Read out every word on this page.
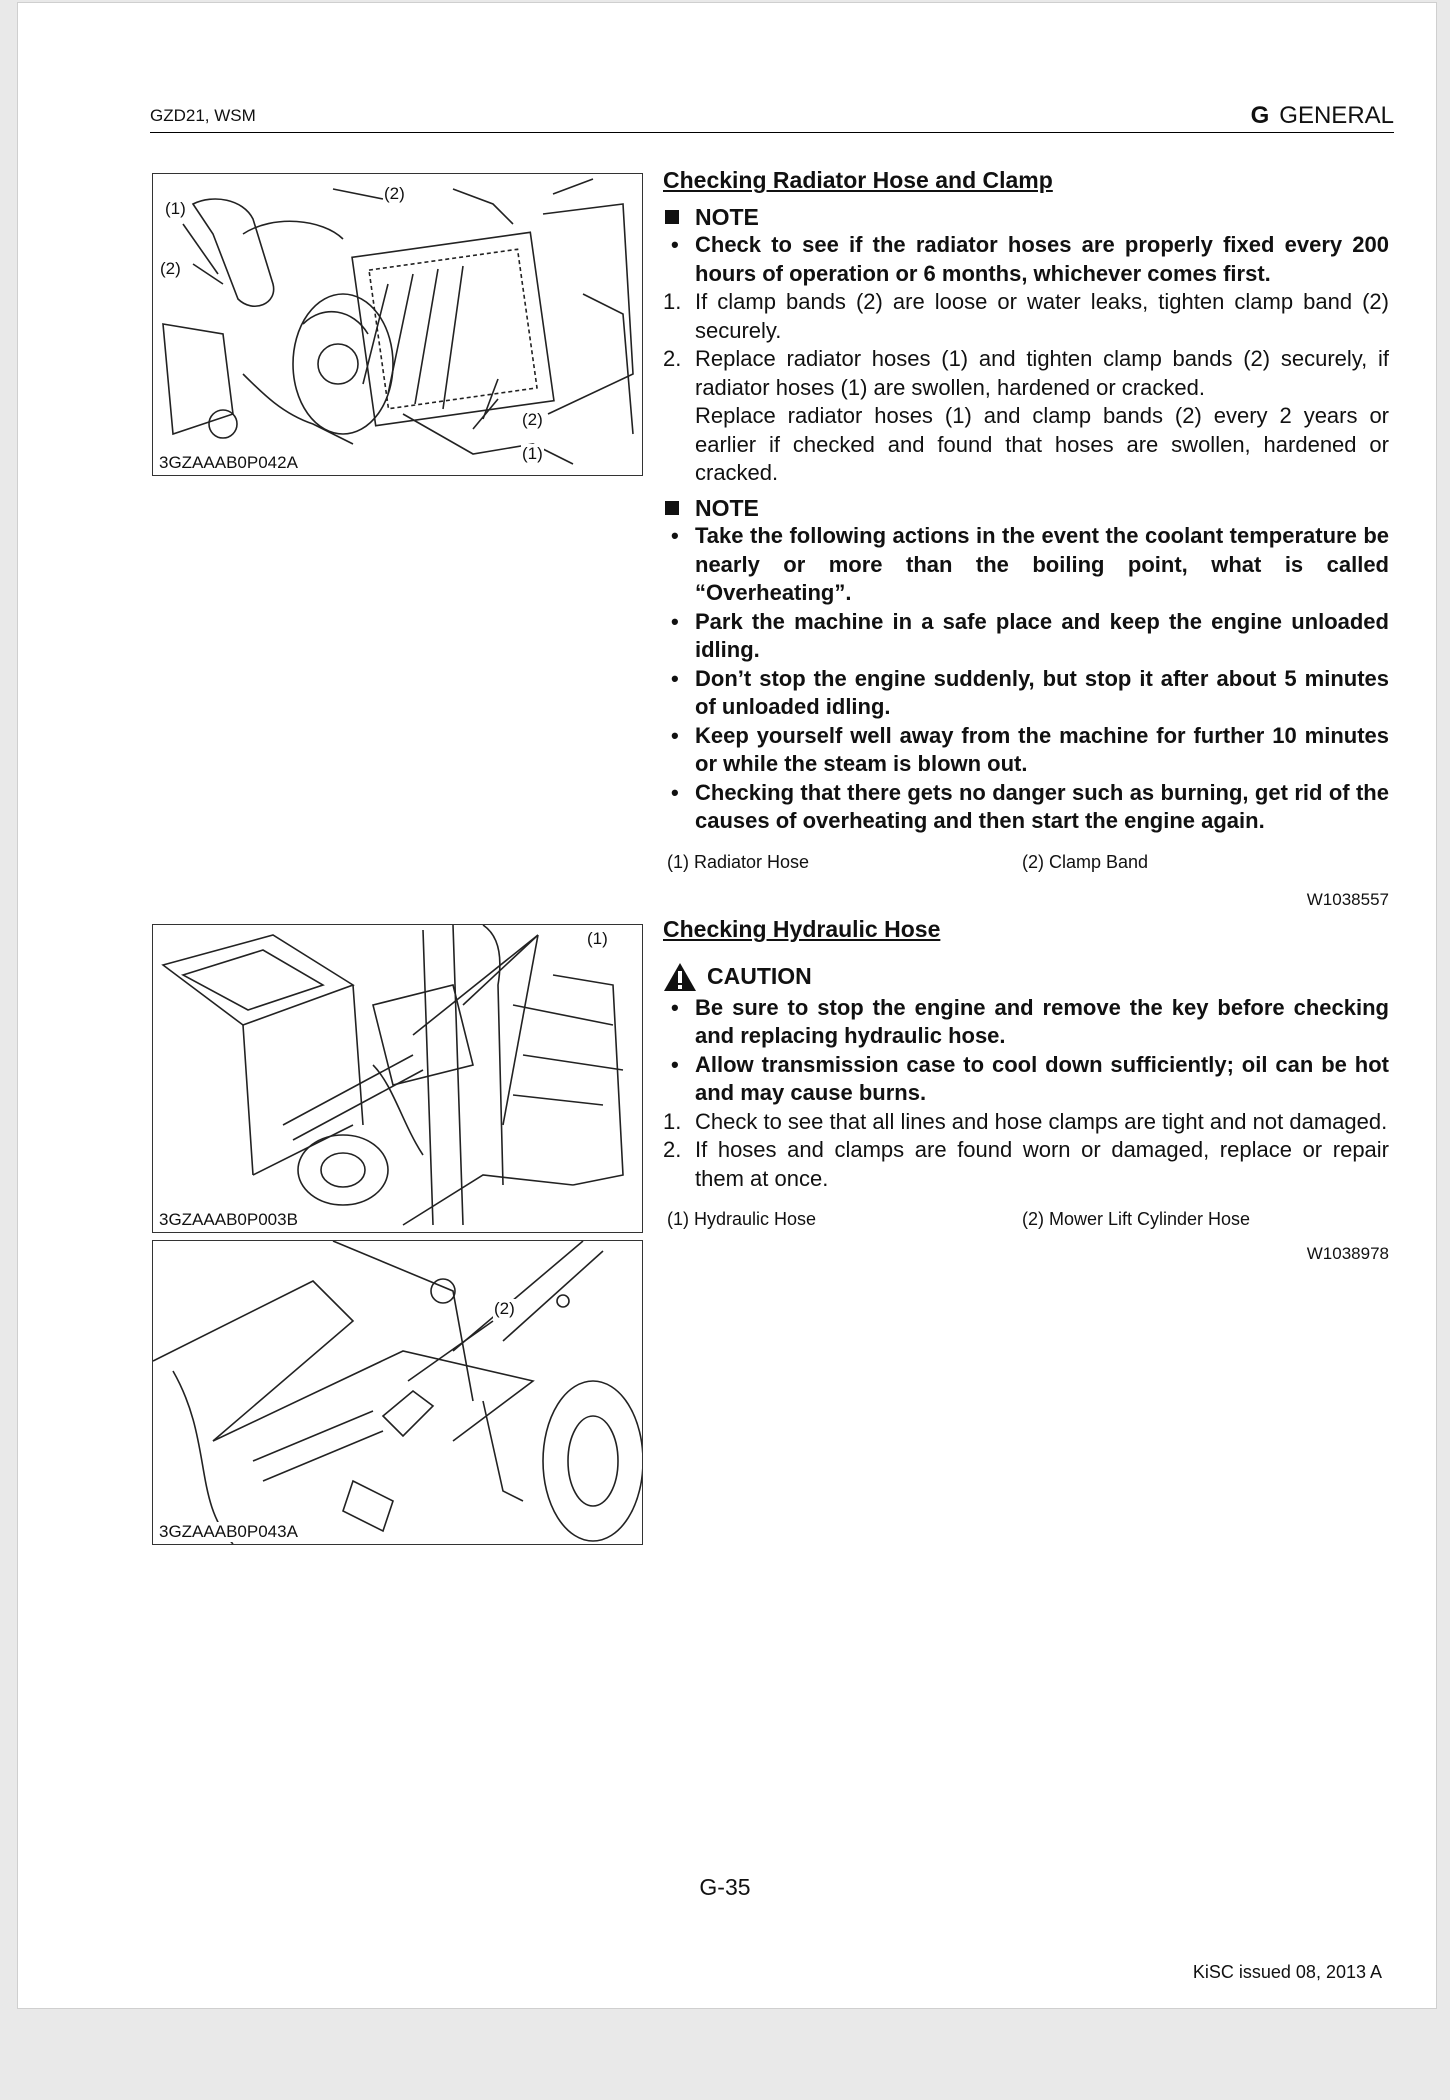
GZD21, WSM	G GENERAL
(1)
(2)
(2)
(2)
(1)
3GZAAAB0P042A
(1)
3GZAAAB0P003B
(2)
3GZAAAB0P043A
Checking Radiator Hose and Clamp
NOTE
• Check to see if the radiator hoses are properly fixed every 200 hours of operation or 6 months, whichever comes first.
1. If clamp bands (2) are loose or water leaks, tighten clamp band (2) securely.
2. Replace radiator hoses (1) and tighten clamp bands (2) securely, if radiator hoses (1) are swollen, hardened or cracked.
Replace radiator hoses (1) and clamp bands (2) every 2 years or earlier if checked and found that hoses are swollen, hardened or cracked.
NOTE
• Take the following actions in the event the coolant temperature be nearly or more than the boiling point, what is called “Overheating”.
• Park the machine in a safe place and keep the engine unloaded idling.
• Don’t stop the engine suddenly, but stop it after about 5 minutes of unloaded idling.
• Keep yourself well away from the machine for further 10 minutes or while the steam is blown out.
• Checking that there gets no danger such as burning, get rid of the causes of overheating and then start the engine again.
(1) Radiator Hose	(2) Clamp Band
W1038557
Checking Hydraulic Hose
CAUTION
• Be sure to stop the engine and remove the key before checking and replacing hydraulic hose.
• Allow transmission case to cool down sufficiently; oil can be hot and may cause burns.
1. Check to see that all lines and hose clamps are tight and not damaged.
2. If hoses and clamps are found worn or damaged, replace or repair them at once.
(1) Hydraulic Hose	(2) Mower Lift Cylinder Hose
W1038978
G-35
KiSC issued 08, 2013 A
